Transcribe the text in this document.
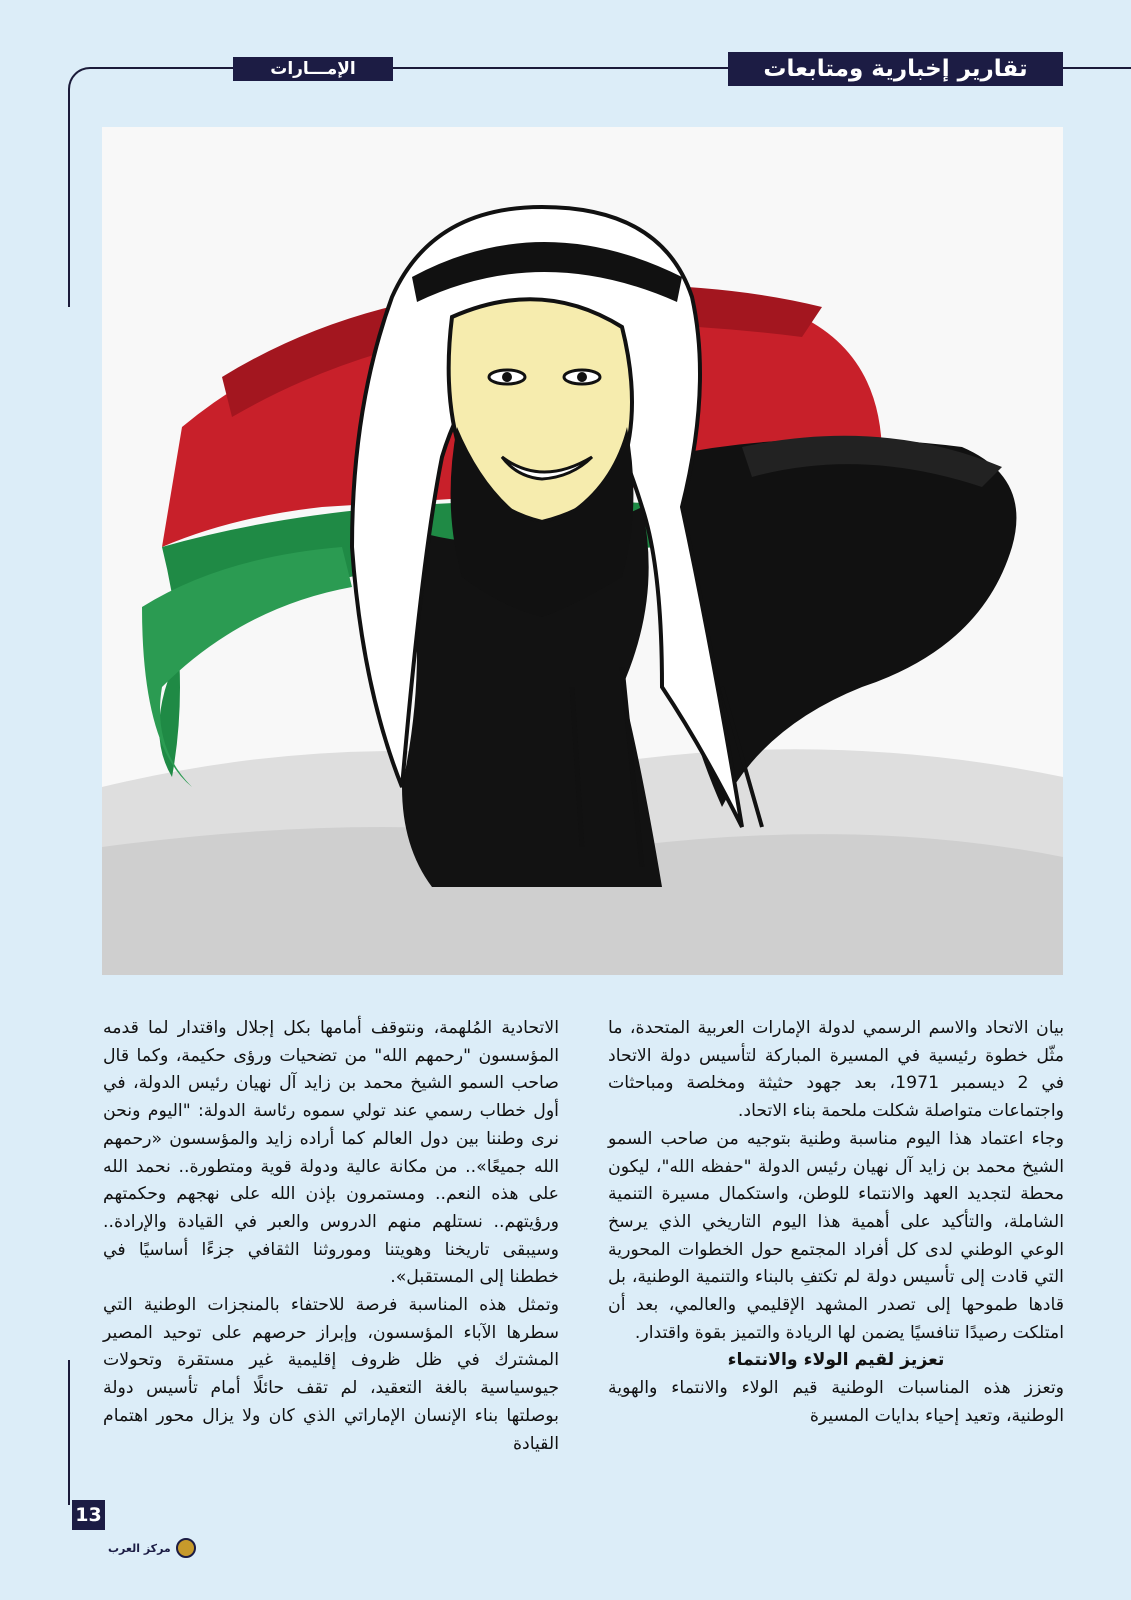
الإمـــارات	تقارير إخبارية ومتابعات

بيان الاتحاد والاسم الرسمي لدولة الإمارات العربية المتحدة، ما مثّل خطوة رئيسية في المسيرة المباركة لتأسيس دولة الاتحاد في 2 ديسمبر 1971، بعد جهود حثيثة ومخلصة ومباحثات واجتماعات متواصلة شكلت ملحمة بناء الاتحاد.

وجاء اعتماد هذا اليوم مناسبة وطنية بتوجيه من صاحب السمو الشيخ محمد بن زايد آل نهيان رئيس الدولة "حفظه الله"، ليكون محطة لتجديد العهد والانتماء للوطن، واستكمال مسيرة التنمية الشاملة، والتأكيد على أهمية هذا اليوم التاريخي الذي يرسخ الوعي الوطني لدى كل أفراد المجتمع حول الخطوات المحورية التي قادت إلى تأسيس دولة لم تكتفِ بالبناء والتنمية الوطنية، بل قادها طموحها إلى تصدر المشهد الإقليمي والعالمي، بعد أن امتلكت رصيدًا تنافسيًا يضمن لها الريادة والتميز بقوة واقتدار.

تعزيز لقيم الولاء والانتماء

وتعزز هذه المناسبات الوطنية قيم الولاء والانتماء والهوية الوطنية، وتعيد إحياء بدايات المسيرة

الاتحادية المُلهمة، ونتوقف أمامها بكل إجلال واقتدار لما قدمه المؤسسون "رحمهم الله" من تضحيات ورؤى حكيمة، وكما قال صاحب السمو الشيخ محمد بن زايد آل نهيان رئيس الدولة، في أول خطاب رسمي عند تولي سموه رئاسة الدولة: "اليوم ونحن نرى وطننا بين دول العالم كما أراده زايد والمؤسسون «رحمهم الله جميعًا».. من مكانة عالية ودولة قوية ومتطورة.. نحمد الله على هذه النعم.. ومستمرون بإذن الله على نهجهم وحكمتهم ورؤيتهم.. نستلهم منهم الدروس والعبر في القيادة والإرادة.. وسيبقى تاريخنا وهويتنا وموروثنا الثقافي جزءًا أساسيًا في خططنا إلى المستقبل».

وتمثل هذه المناسبة فرصة للاحتفاء بالمنجزات الوطنية التي سطرها الآباء المؤسسون، وإبراز حرصهم على توحيد المصير المشترك في ظل ظروف إقليمية غير مستقرة وتحولات جيوسياسية بالغة التعقيد، لم تقف حائلًا أمام تأسيس دولة بوصلتها بناء الإنسان الإماراتي الذي كان ولا يزال محور اهتمام القيادة

13
مركز العرب
